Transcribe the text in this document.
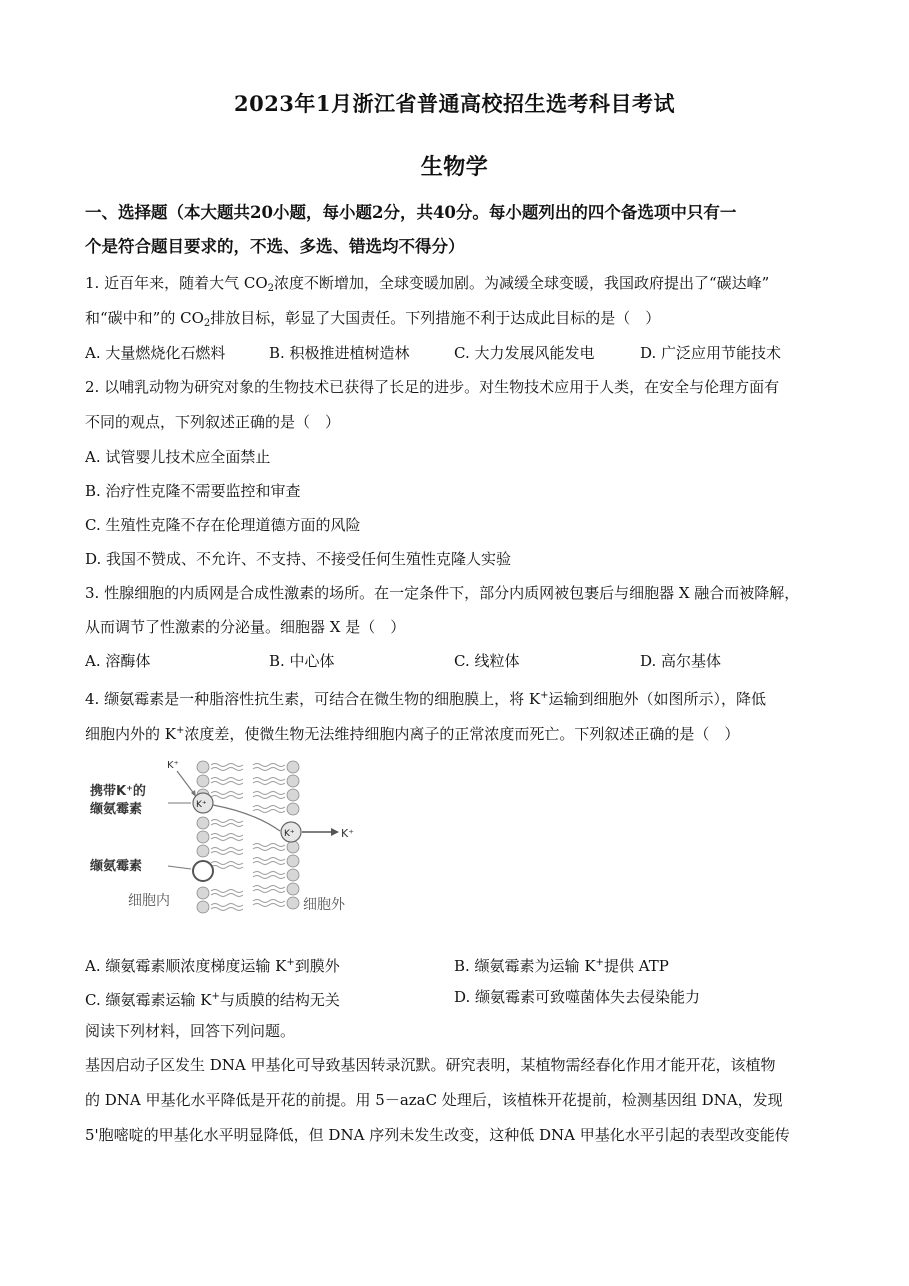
2023年1月浙江省普通高校招生选考科目考试
生物学
一、选择题（本大题共20小题，每小题2分，共40分。每小题列出的四个备选项中只有一
个是符合题目要求的，不选、多选、错选均不得分）
1. 近百年来，随着大气 $CO_2$浓度不断增加，全球变暖加剧。为减缓全球变暖，我国政府提出了“碳达峰”
和“碳中和”的 $CO_2$排放目标，彰显了大国责任。下列措施不利于达成此目标的是（　）
A. 大量燃烧化石燃料	B. 积极推进植树造林	C. 大力发展风能发电	D. 广泛应用节能技术
2. 以哺乳动物为研究对象的生物技术已获得了长足的进步。对生物技术应用于人类，在安全与伦理方面有
不同的观点，下列叙述正确的是（　）
A. 试管婴儿技术应全面禁止
B. 治疗性克隆不需要监控和审查
C. 生殖性克隆不存在伦理道德方面的风险
D. 我国不赞成、不允许、不支持、不接受任何生殖性克隆人实验
3. 性腺细胞的内质网是合成性激素的场所。在一定条件下，部分内质网被包裹后与细胞器 X 融合而被降解，
从而调节了性激素的分泌量。细胞器 X 是（　）
A. 溶酶体	B. 中心体	C. 线粒体	D. 高尔基体
4. 缬氨霉素是一种脂溶性抗生素，可结合在微生物的细胞膜上，将 K+运输到细胞外（如图所示），降低
细胞内外的 K+浓度差，使微生物无法维持细胞内离子的正常浓度而死亡。下列叙述正确的是（　）
K⁺
K⁺
携带K⁺的
缬氨霉素
K⁺	K⁺
缬氨霉素
细胞内	细胞外
A. 缬氨霉素顺浓度梯度运输 K+到膜外	B. 缬氨霉素为运输 K+提供 ATP
C. 缬氨霉素运输 K+与质膜的结构无关	D. 缬氨霉素可致噬菌体失去侵染能力
阅读下列材料，回答下列问题。
基因启动子区发生 DNA 甲基化可导致基因转录沉默。研究表明，某植物需经春化作用才能开花，该植物
的 DNA 甲基化水平降低是开花的前提。用 5－azaC 处理后，该植株开花提前，检测基因组 DNA，发现
5'胞嘧啶的甲基化水平明显降低，但 DNA 序列未发生改变，这种低 DNA 甲基化水平引起的表型改变能传
